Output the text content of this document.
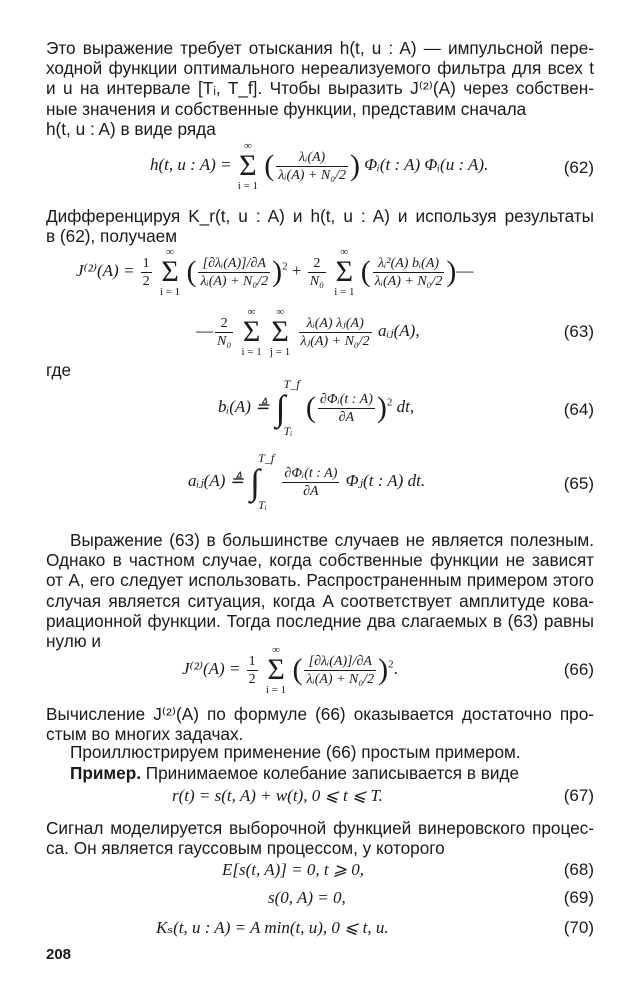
Это выражение требует отыскания h(t, u : A) — импульсной пере-
ходной функции оптимального нереализуемого фильтра для всех t
и u на интервале [Tᵢ, T_f]. Чтобы выразить J⁽²⁾(A) через собствен-
ные значения и собственные функции, представим сначала
h(t, u : A) в виде ряда
h(t, u : A) =
∞
Σ
i = 1
( $\frac{\text{λᵢ(A)}}{\text{λᵢ(A) + N₀/2}}$ ) Φᵢ(t : A) Φᵢ(u : A).	(62)
Дифференцируя K_r(t, u : A) и h(t, u : A) и используя результаты
в (62), получаем
$J^{(2)}(A) = \frac{1}{2}$

∞
Σ
i = 1
( $\frac{\text{[∂λᵢ(A)]/∂A}}{\text{λᵢ(A) + N₀/2}} )^2 + \frac{2}{\text{N₀}}$

∞
Σ
i = 1
( $\frac{\text{λᵢ²(A) bᵢ(A)}}{\text{λᵢ(A) + N₀/2}}$ )—
— $\frac{2}{\text{N₀}}$

∞
Σ
i = 1

∞
Σ
j = 1

$\frac{\text{λᵢ(A) λⱼ(A)}}{\text{λⱼ(A) + N₀/2}}$ aᵢⱼ(A),	(63)
где
bᵢ(A) ≜
T_f
∫
Tᵢ
( $\frac{\text{∂Φᵢ(t : A)}}{\partial A} )^2$ dt,	(64)
aᵢⱼ(A) ≜
T_f
∫
Tᵢ

$\frac{\text{∂Φᵢ(t : A)}}{\partial A}$ Φⱼ(t : A) dt.	(65)
Выражение (63) в большинстве случаев не является полезным.
Однако в частном случае, когда собственные функции не зависят
от A, его следует использовать. Распространенным примером этого
случая является ситуация, когда A соответствует амплитуде кова-
риационной функции. Тогда последние два слагаемых в (63) равны
нулю и
$J^{(2)}(A) = \frac{1}{2}$

∞
Σ
i = 1
( $\frac{\text{[∂λᵢ(A)]/∂A}}{\text{λᵢ(A) + N₀/2}} )^2$.	(66)
Вычисление J⁽²⁾(A) по формуле (66) оказывается достаточно про-
стым во многих задачах.
Проиллюстрируем применение (66) простым примером.
Пример. Принимаемое колебание записывается в виде
r(t) = s(t, A) + w(t), 0 ⩽ t ⩽ T.	(67)
Сигнал моделируется выборочной функцией винеровского процес-
са. Он является гауссовым процессом, у которого
E[s(t, A)] = 0, t ⩾ 0,	(68)
s(0, A) = 0,	(69)
Kₛ(t, u : A) = A min(t, u), 0 ⩽ t, u.	(70)
208
